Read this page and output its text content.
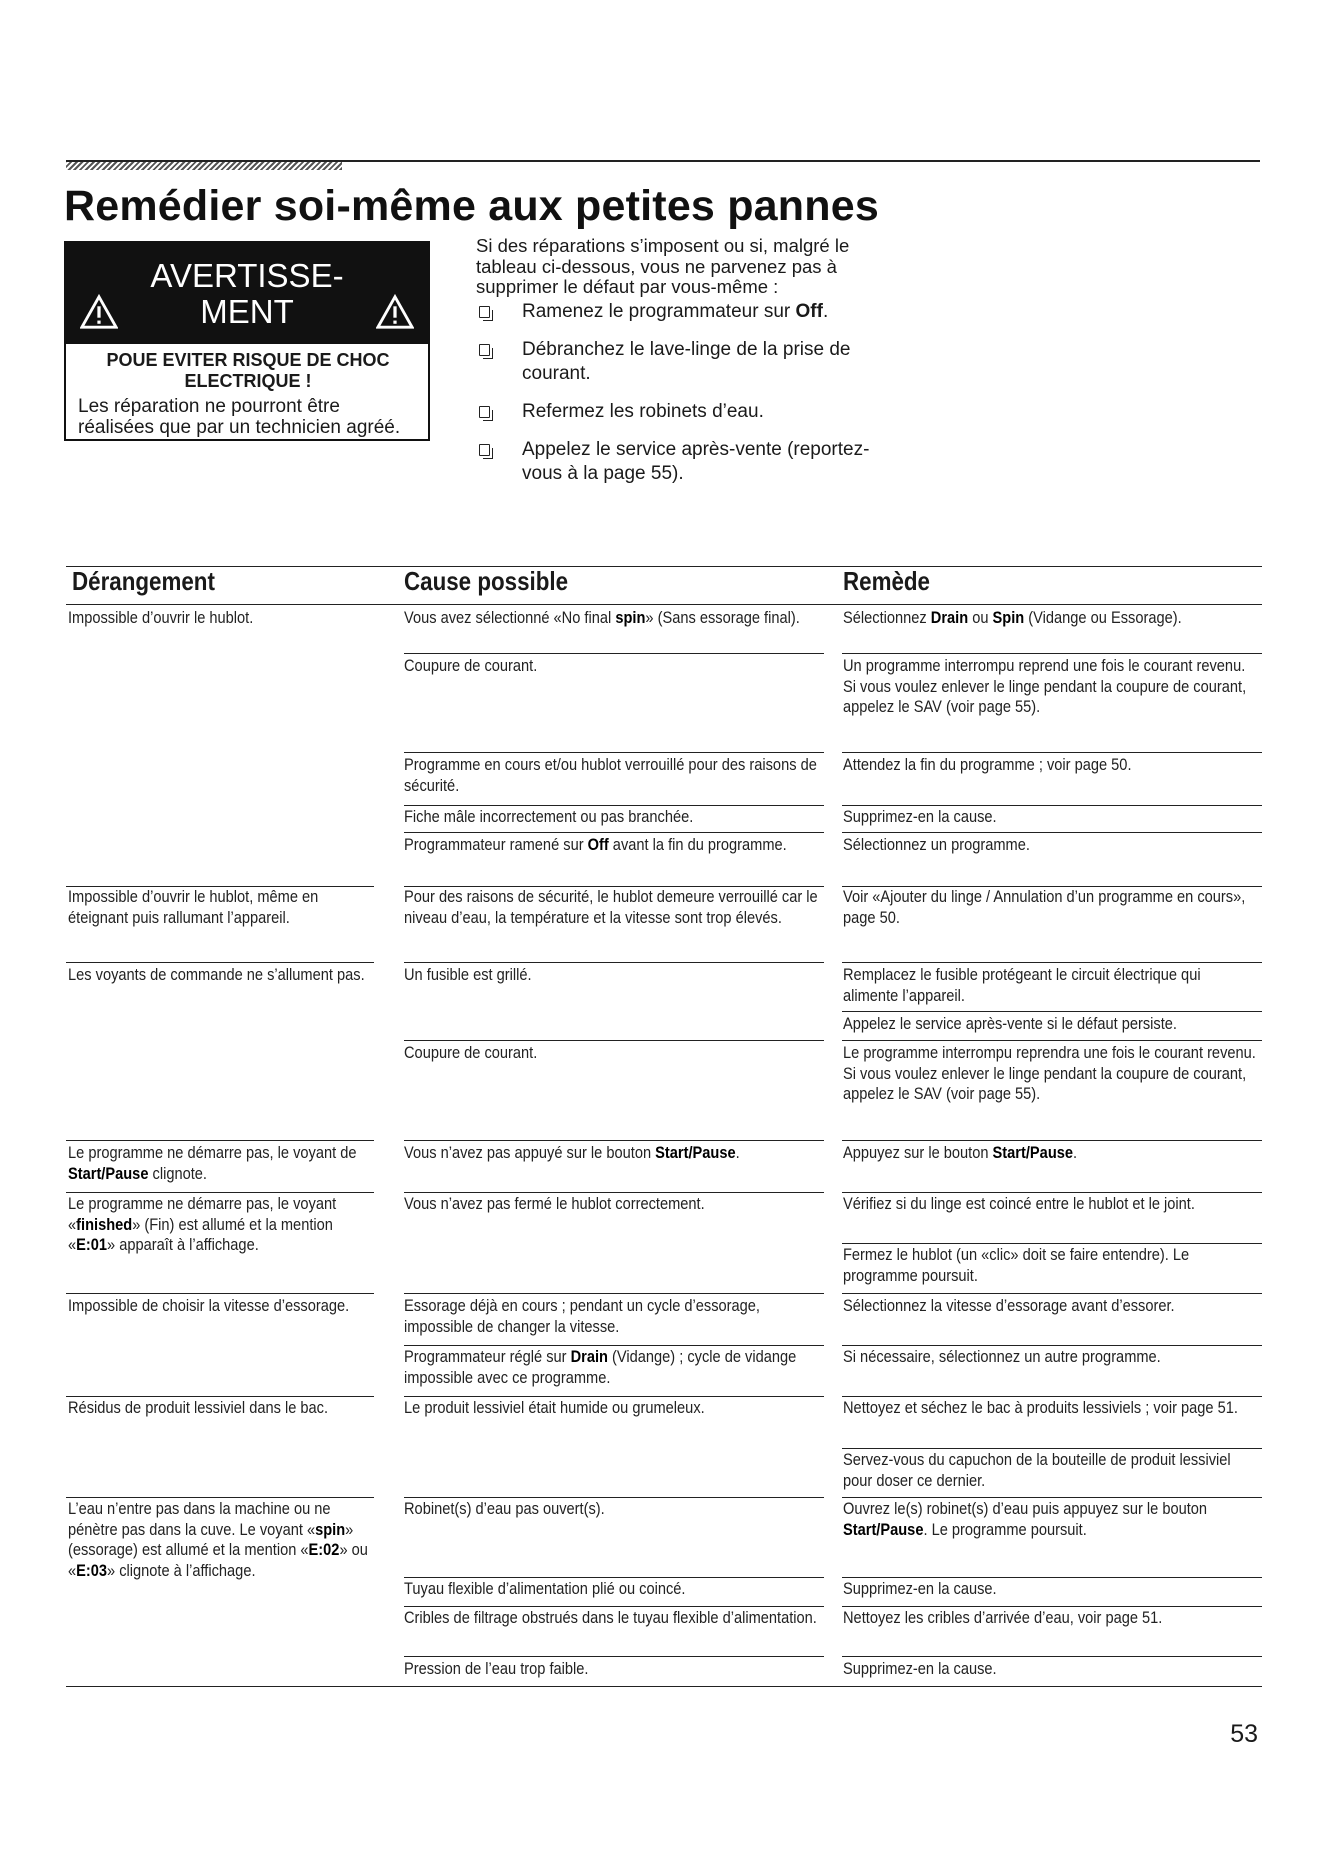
Remédier soi-même aux petites pannes
AVERTISSE- MENT
POUE EVITER RISQUE DE CHOC ELECTRIQUE !
Les réparation ne pourront être réalisées que par un technicien agréé.
Si des réparations s’imposent ou si, malgré le tableau ci-dessous, vous ne parvenez pas à supprimer le défaut par vous-même :
Ramenez le programmateur sur Off.
Débranchez le lave-linge de la prise de courant.
Refermez les robinets d’eau.
Appelez le service après-vente (reportez-vous à la page 55).
Dérangement	Cause possible	Remède
Impossible d’ouvrir le hublot.
Impossible d’ouvrir le hublot, même en éteignant puis rallumant l’appareil.
Les voyants de commande ne s’allument pas.
Le programme ne démarre pas, le voyant de Start/Pause clignote.
Le programme ne démarre pas, le voyant «finished» (Fin) est allumé et la mention «E:01» apparaît à l’affichage.
Impossible de choisir la vitesse d’essorage.
Résidus de produit lessiviel dans le bac.
L’eau n’entre pas dans la machine ou ne pénètre pas dans la cuve. Le voyant «spin» (essorage) est allumé et la mention «E:02» ou «E:03» clignote à l’affichage.
Vous avez sélectionné «No final spin» (Sans essorage final).
Coupure de courant.
Programme en cours et/ou hublot verrouillé pour des raisons de sécurité.
Fiche mâle incorrectement ou pas branchée.
Programmateur ramené sur Off avant la fin du programme.
Pour des raisons de sécurité, le hublot demeure verrouillé car le niveau d’eau, la température et la vitesse sont trop élevés.
Un fusible est grillé.
Coupure de courant.
Vous n’avez pas appuyé sur le bouton Start/Pause.
Vous n’avez pas fermé le hublot correctement.
Essorage déjà en cours ; pendant un cycle d’essorage, impossible de changer la vitesse.
Programmateur réglé sur Drain (Vidange) ; cycle de vidange impossible avec ce programme.
Le produit lessiviel était humide ou grumeleux.
Robinet(s) d’eau pas ouvert(s).
Tuyau flexible d’alimentation plié ou coincé.
Cribles de filtrage obstrués dans le tuyau flexible d’alimentation.
Pression de l’eau trop faible.
Sélectionnez Drain ou Spin (Vidange ou Essorage).
Un programme interrompu reprend une fois le courant revenu. Si vous voulez enlever le linge pendant la coupure de courant, appelez le SAV (voir page 55).
Attendez la fin du programme ; voir page 50.
Supprimez-en la cause.
Sélectionnez un programme.
Voir «Ajouter du linge / Annulation d’un programme en cours», page 50.
Remplacez le fusible protégeant le circuit électrique qui alimente l’appareil.
Appelez le service après-vente si le défaut persiste.
Le programme interrompu reprendra une fois le courant revenu. Si vous voulez enlever le linge pendant la coupure de courant, appelez le SAV (voir page 55).
Appuyez sur le bouton Start/Pause.
Vérifiez si du linge est coincé entre le hublot et le joint.
Fermez le hublot (un «clic» doit se faire entendre). Le programme poursuit.
Sélectionnez la vitesse d’essorage avant d’essorer.
Si nécessaire, sélectionnez un autre programme.
Nettoyez et séchez le bac à produits lessiviels ; voir page 51.
Servez-vous du capuchon de la bouteille de produit lessiviel pour doser ce dernier.
Ouvrez le(s) robinet(s) d’eau puis appuyez sur le bouton Start/Pause. Le programme poursuit.
Supprimez-en la cause.
Nettoyez les cribles d’arrivée d’eau, voir page 51.
Supprimez-en la cause.
53
